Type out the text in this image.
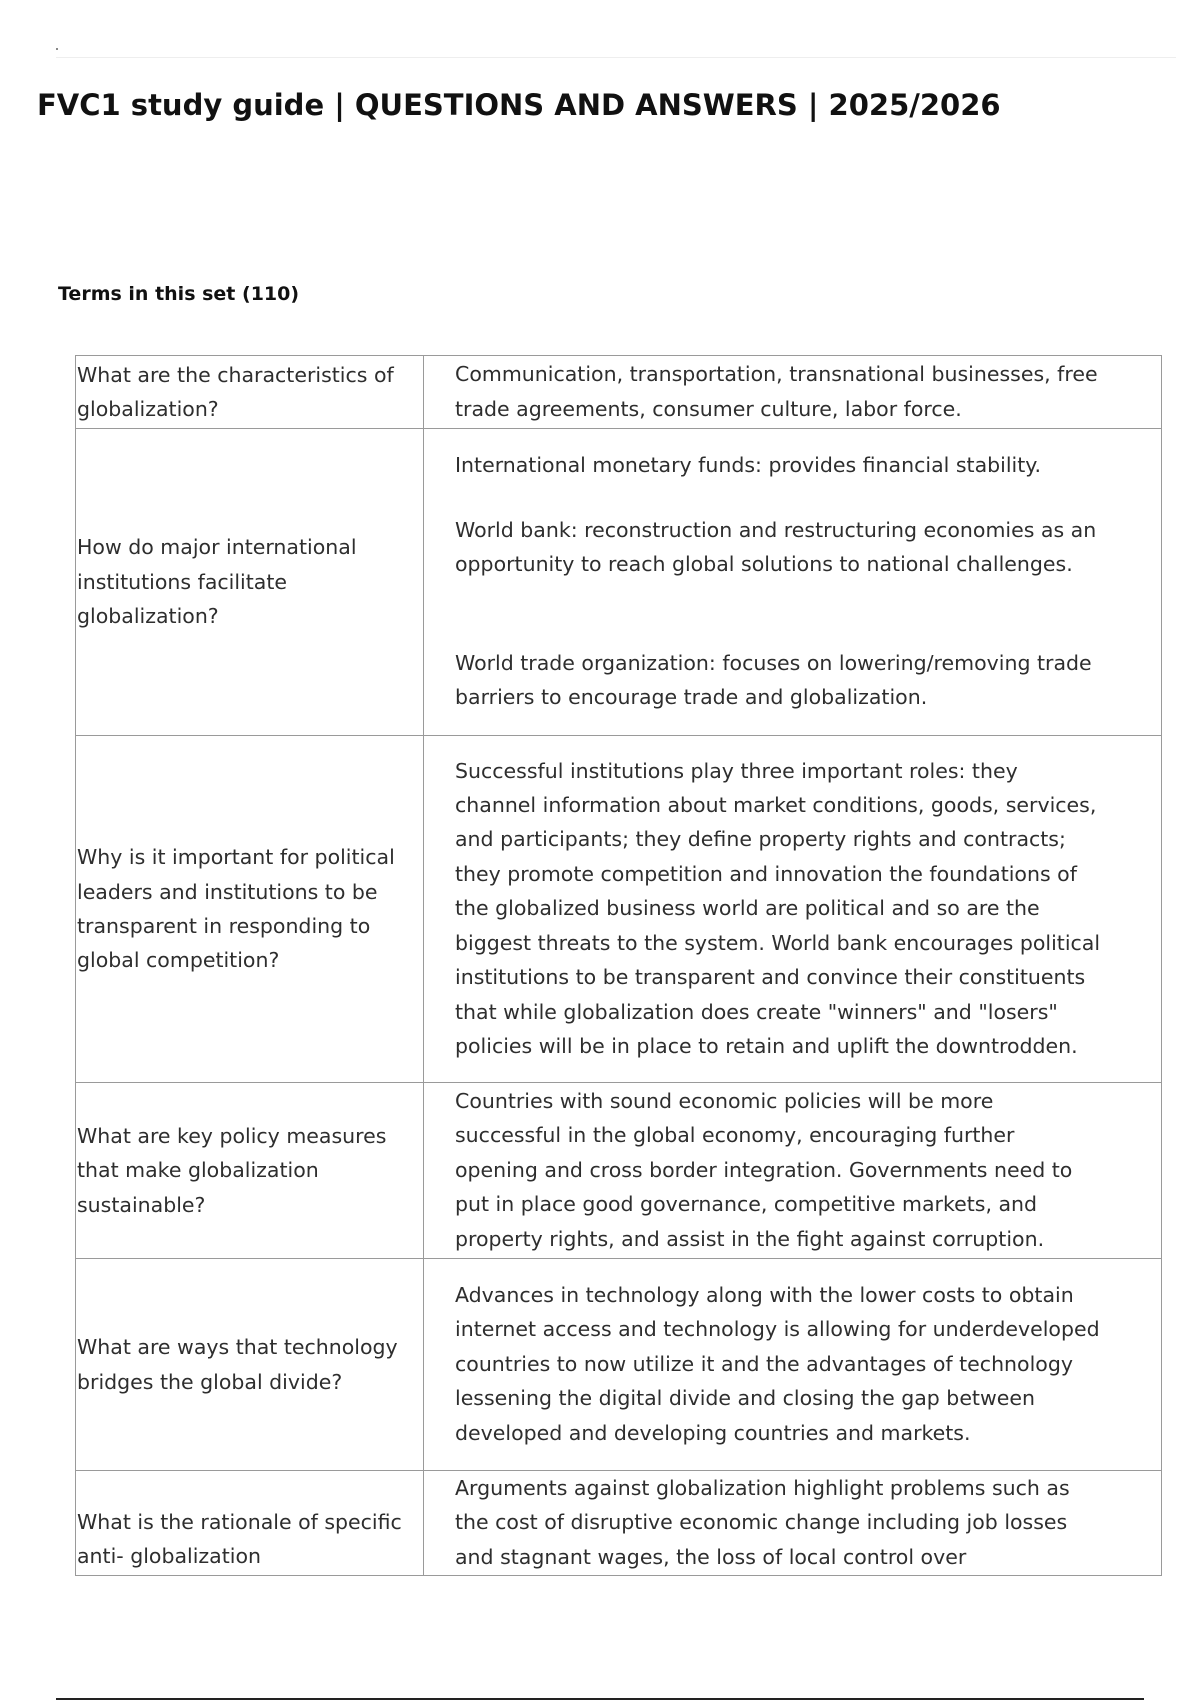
FVC1 study guide | QUESTIONS AND ANSWERS | 2025/2026

Terms in this set (110)

What are the characteristics of globalization?	Communication, transportation, transnational businesses, free trade agreements, consumer culture, labor force.

How do major international institutions facilitate globalization?	International monetary funds: provides financial stability.
World bank: reconstruction and restructuring economies as an opportunity to reach global solutions to national challenges.
World trade organization: focuses on lowering/removing trade barriers to encourage trade and globalization.

Why is it important for political leaders and institutions to be transparent in responding to global competition?	Successful institutions play three important roles: they channel information about market conditions, goods, services, and participants; they define property rights and contracts; they promote competition and innovation the foundations of the globalized business world are political and so are the biggest threats to the system. World bank encourages political institutions to be transparent and convince their constituents that while globalization does create "winners" and "losers" policies will be in place to retain and uplift the downtrodden.

What are key policy measures that make globalization sustainable?	Countries with sound economic policies will be more successful in the global economy, encouraging further opening and cross border integration. Governments need to put in place good governance, competitive markets, and property rights, and assist in the fight against corruption.

What are ways that technology bridges the global divide?	Advances in technology along with the lower costs to obtain internet access and technology is allowing for underdeveloped countries to now utilize it and the advantages of technology lessening the digital divide and closing the gap between developed and developing countries and markets.

What is the rationale of specific anti- globalization	Arguments against globalization highlight problems such as the cost of disruptive economic change including job losses and stagnant wages, the loss of local control over
